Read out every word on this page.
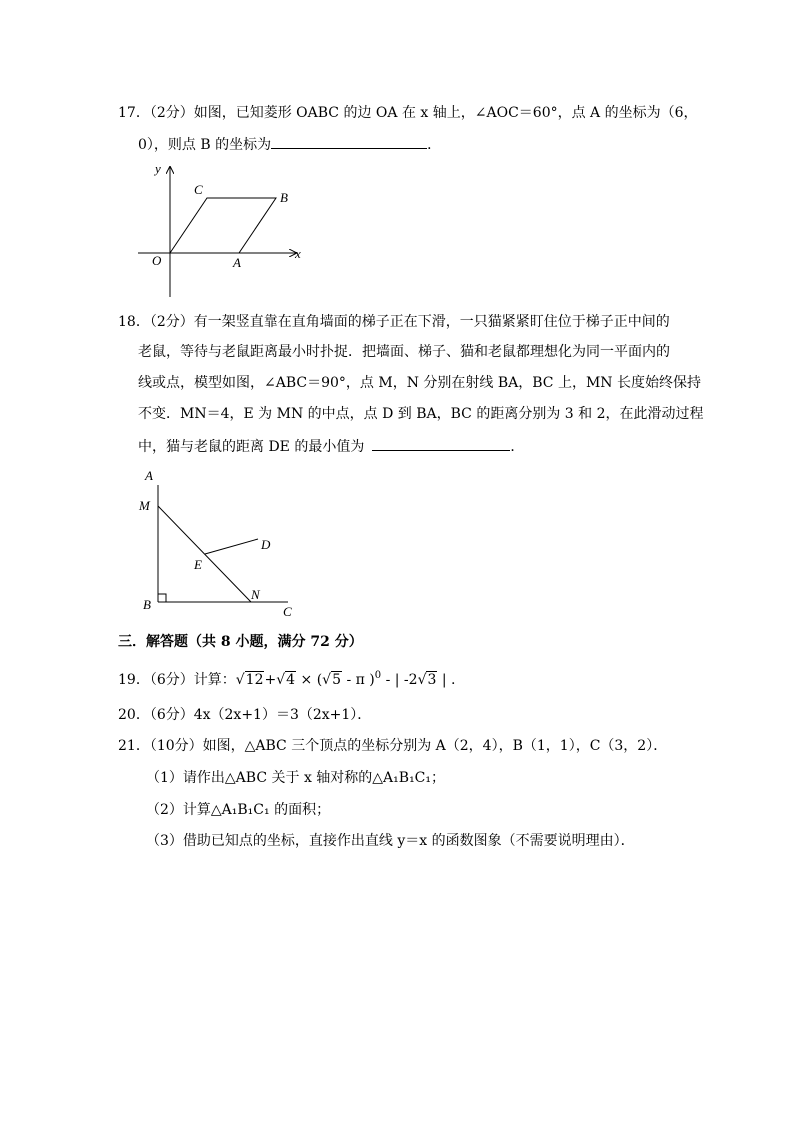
17．（2分）如图，已知菱形 OABC 的边 OA 在 x 轴上，∠AOC＝60°，点 A 的坐标为（6，
0），则点 B 的坐标为	．
y
x
O	A
B
C
18．（2分）有一架竖直靠在直角墙面的梯子正在下滑，一只猫紧紧盯住位于梯子正中间的
老鼠，等待与老鼠距离最小时扑捉．把墙面、梯子、猫和老鼠都理想化为同一平面内的
线或点，模型如图，∠ABC＝90°，点 M，N 分别在射线 BA，BC 上，MN 长度始终保持
不变．MN＝4，E 为 MN 的中点，点 D 到 BA，BC 的距离分别为 3 和 2，在此滑动过程
中，猫与老鼠的距离 DE 的最小值为	．
A
M
D
E
B
N
C
三．解答题（共 8 小题，满分 72 分）
19．（6分）计算：√12+√4 × (√5 - π )$^0$ - | -2√3 | .
20．（6分）4x（2x+1）＝3（2x+1）．
21．（10分）如图，△ABC 三个顶点的坐标分别为 A（2，4），B（1，1），C（3，2）．
（1）请作出△ABC 关于 x 轴对称的△A₁B₁C₁；
（2）计算△A₁B₁C₁ 的面积；
（3）借助已知点的坐标，直接作出直线 y＝x 的函数图象（不需要说明理由）．
